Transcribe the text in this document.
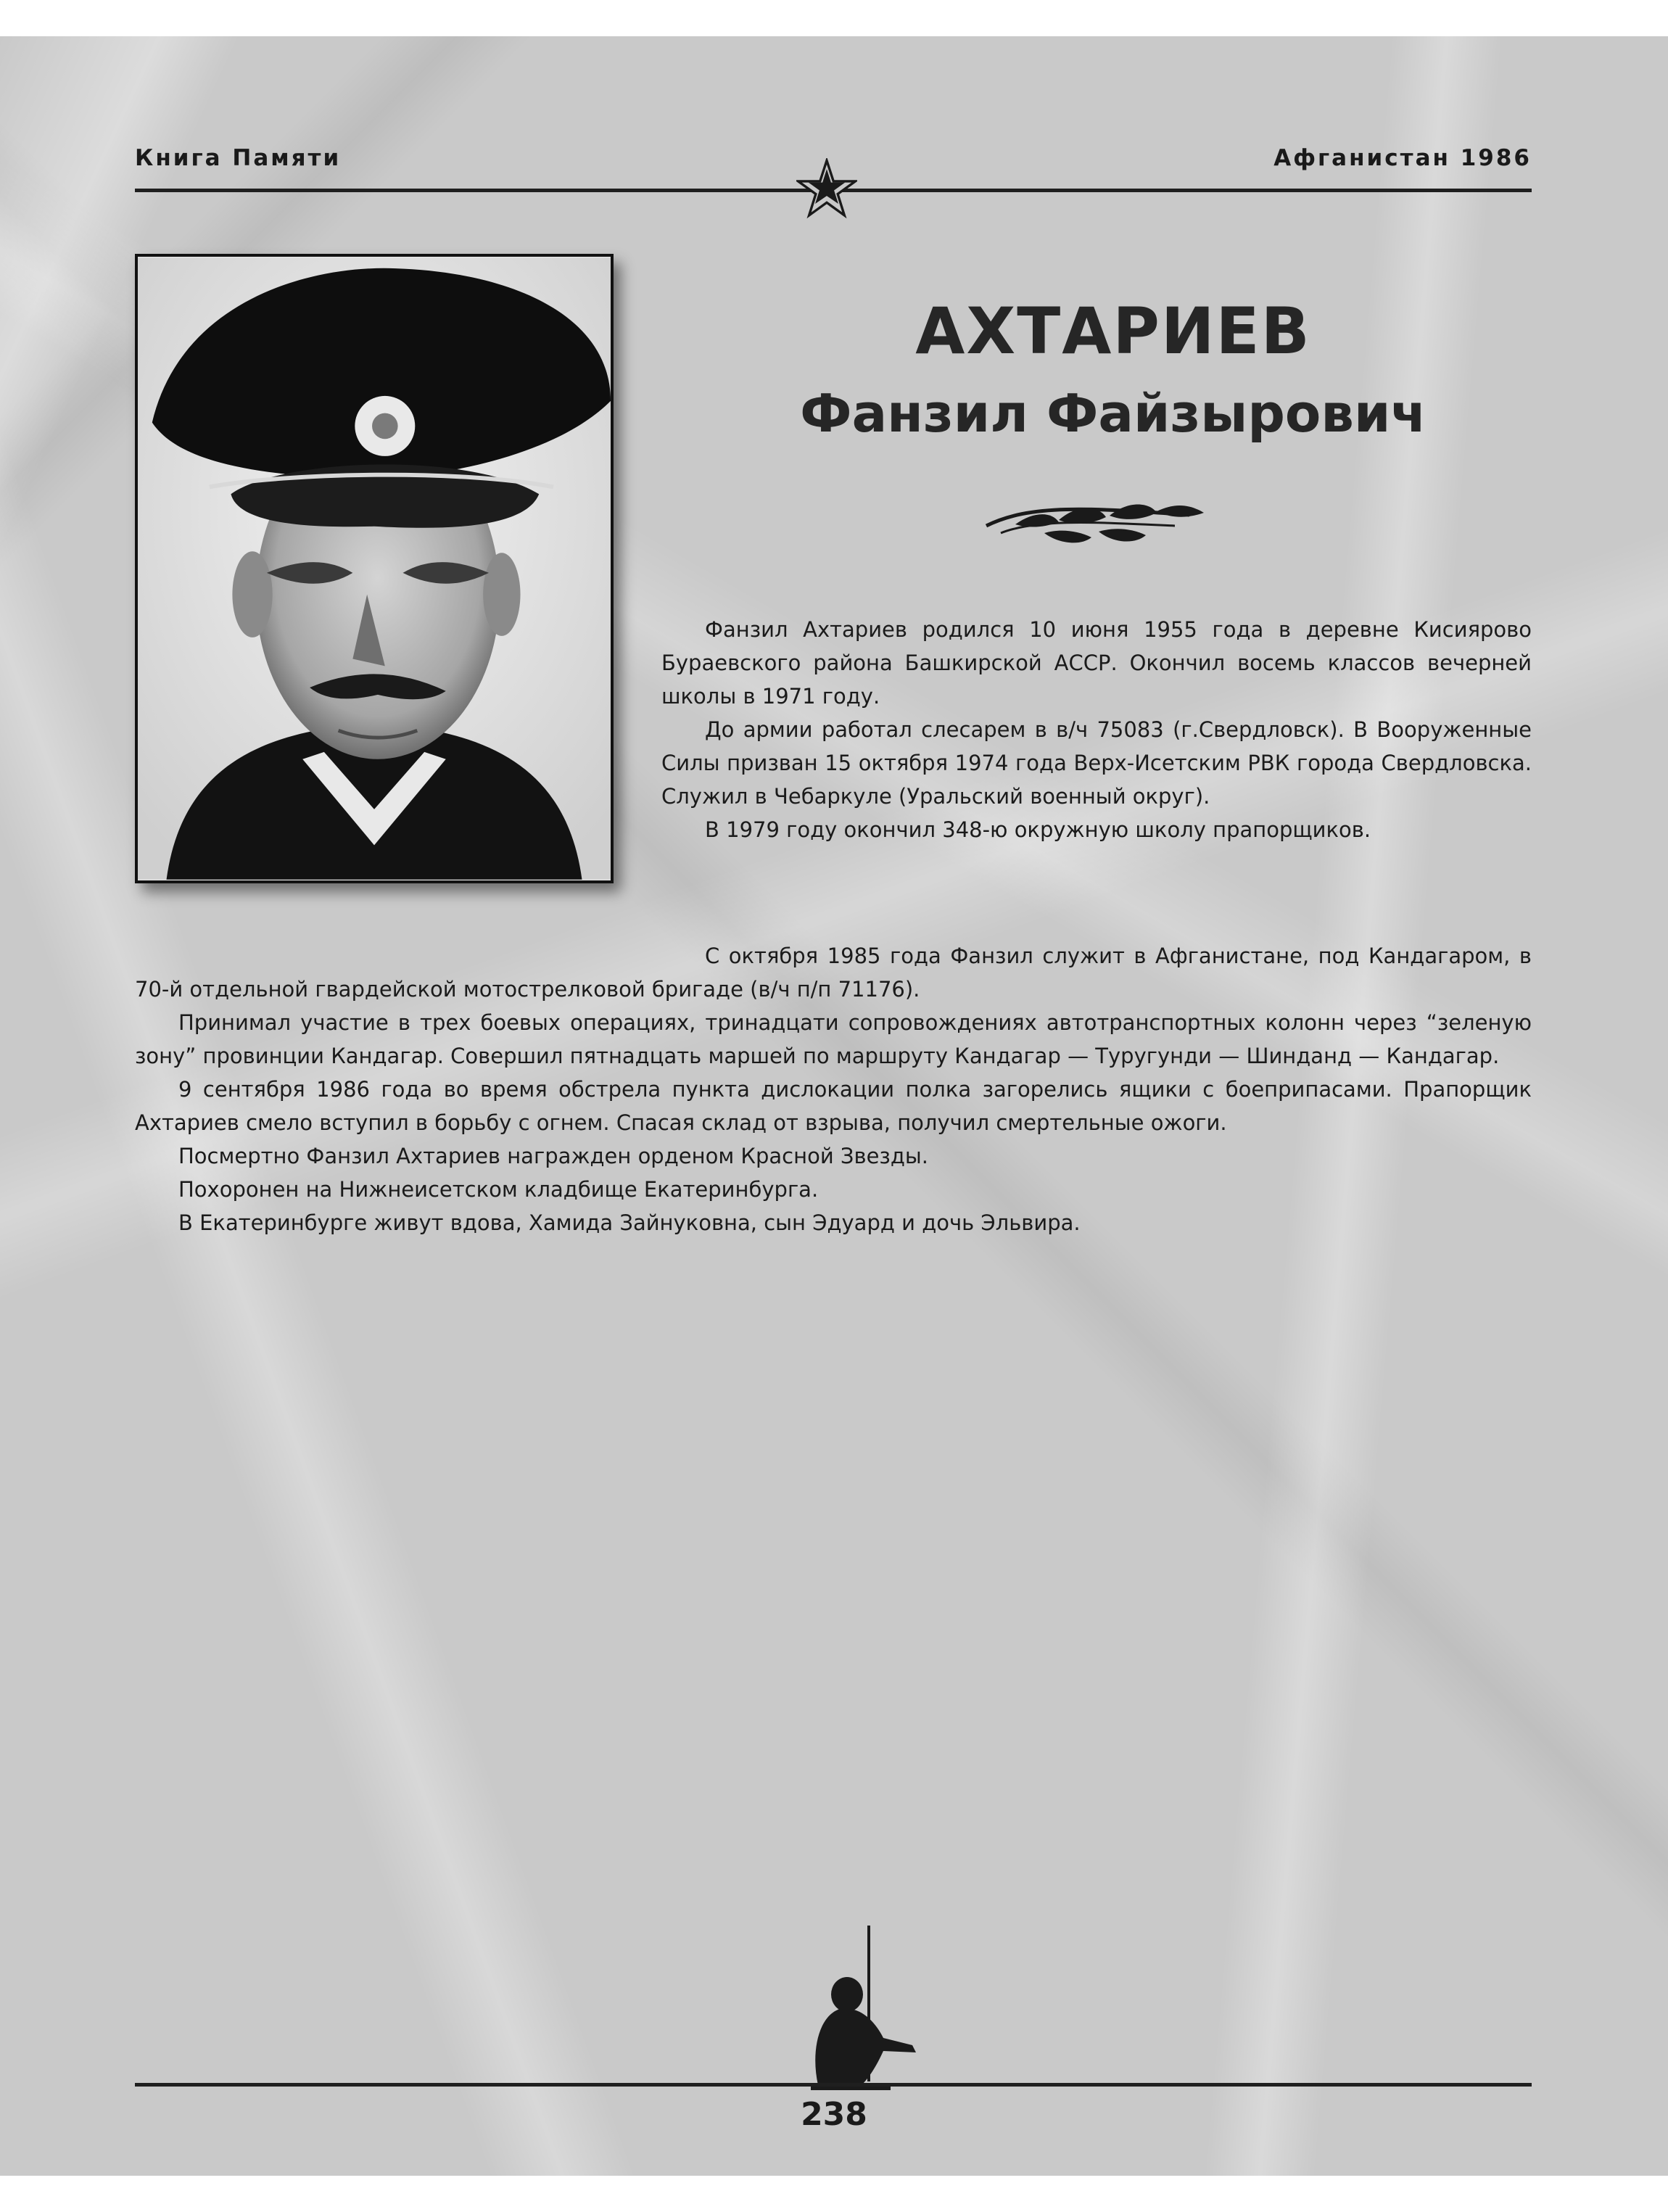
Книга Памяти	Афганистан 1986
АХТАРИЕВ
Фанзил Файзырович

Фанзил Ахтариев родился 10 июня 1955 года в деревне Кисиярово Бураевского района Башкирской АССР. Окончил восемь классов вечерней школы в 1971 году.

До армии работал слесарем в в/ч 75083 (г.Свердловск). В Вооруженные Силы призван 15 октября 1974 года Верх-Исетским РВК города Свердловска. Служил в Чебаркуле (Уральский военный округ).

В 1979 году окончил 348-ю окружную школу прапорщиков.

С октября 1985 года Фанзил служит в Афганистане, под Кандагаром, в 70-й отдельной гвардейской мотострелковой бригаде (в/ч п/п 71176).

Принимал участие в трех боевых операциях, тринадцати сопровождениях автотранспортных колонн через “зеленую зону” провинции Кандагар. Совершил пятнадцать маршей по маршруту Кандагар — Туругунди — Шинданд — Кандагар.

9 сентября 1986 года во время обстрела пункта дислокации полка загорелись ящики с боеприпасами. Прапорщик Ахтариев смело вступил в борьбу с огнем. Спасая склад от взрыва, получил смертельные ожоги.

Посмертно Фанзил Ахтариев награжден орденом Красной Звезды.

Похоронен на Нижнеисетском кладбище Екатеринбурга.

В Екатеринбурге живут вдова, Хамида Зайнуковна, сын Эдуард и дочь Эльвира.

238
